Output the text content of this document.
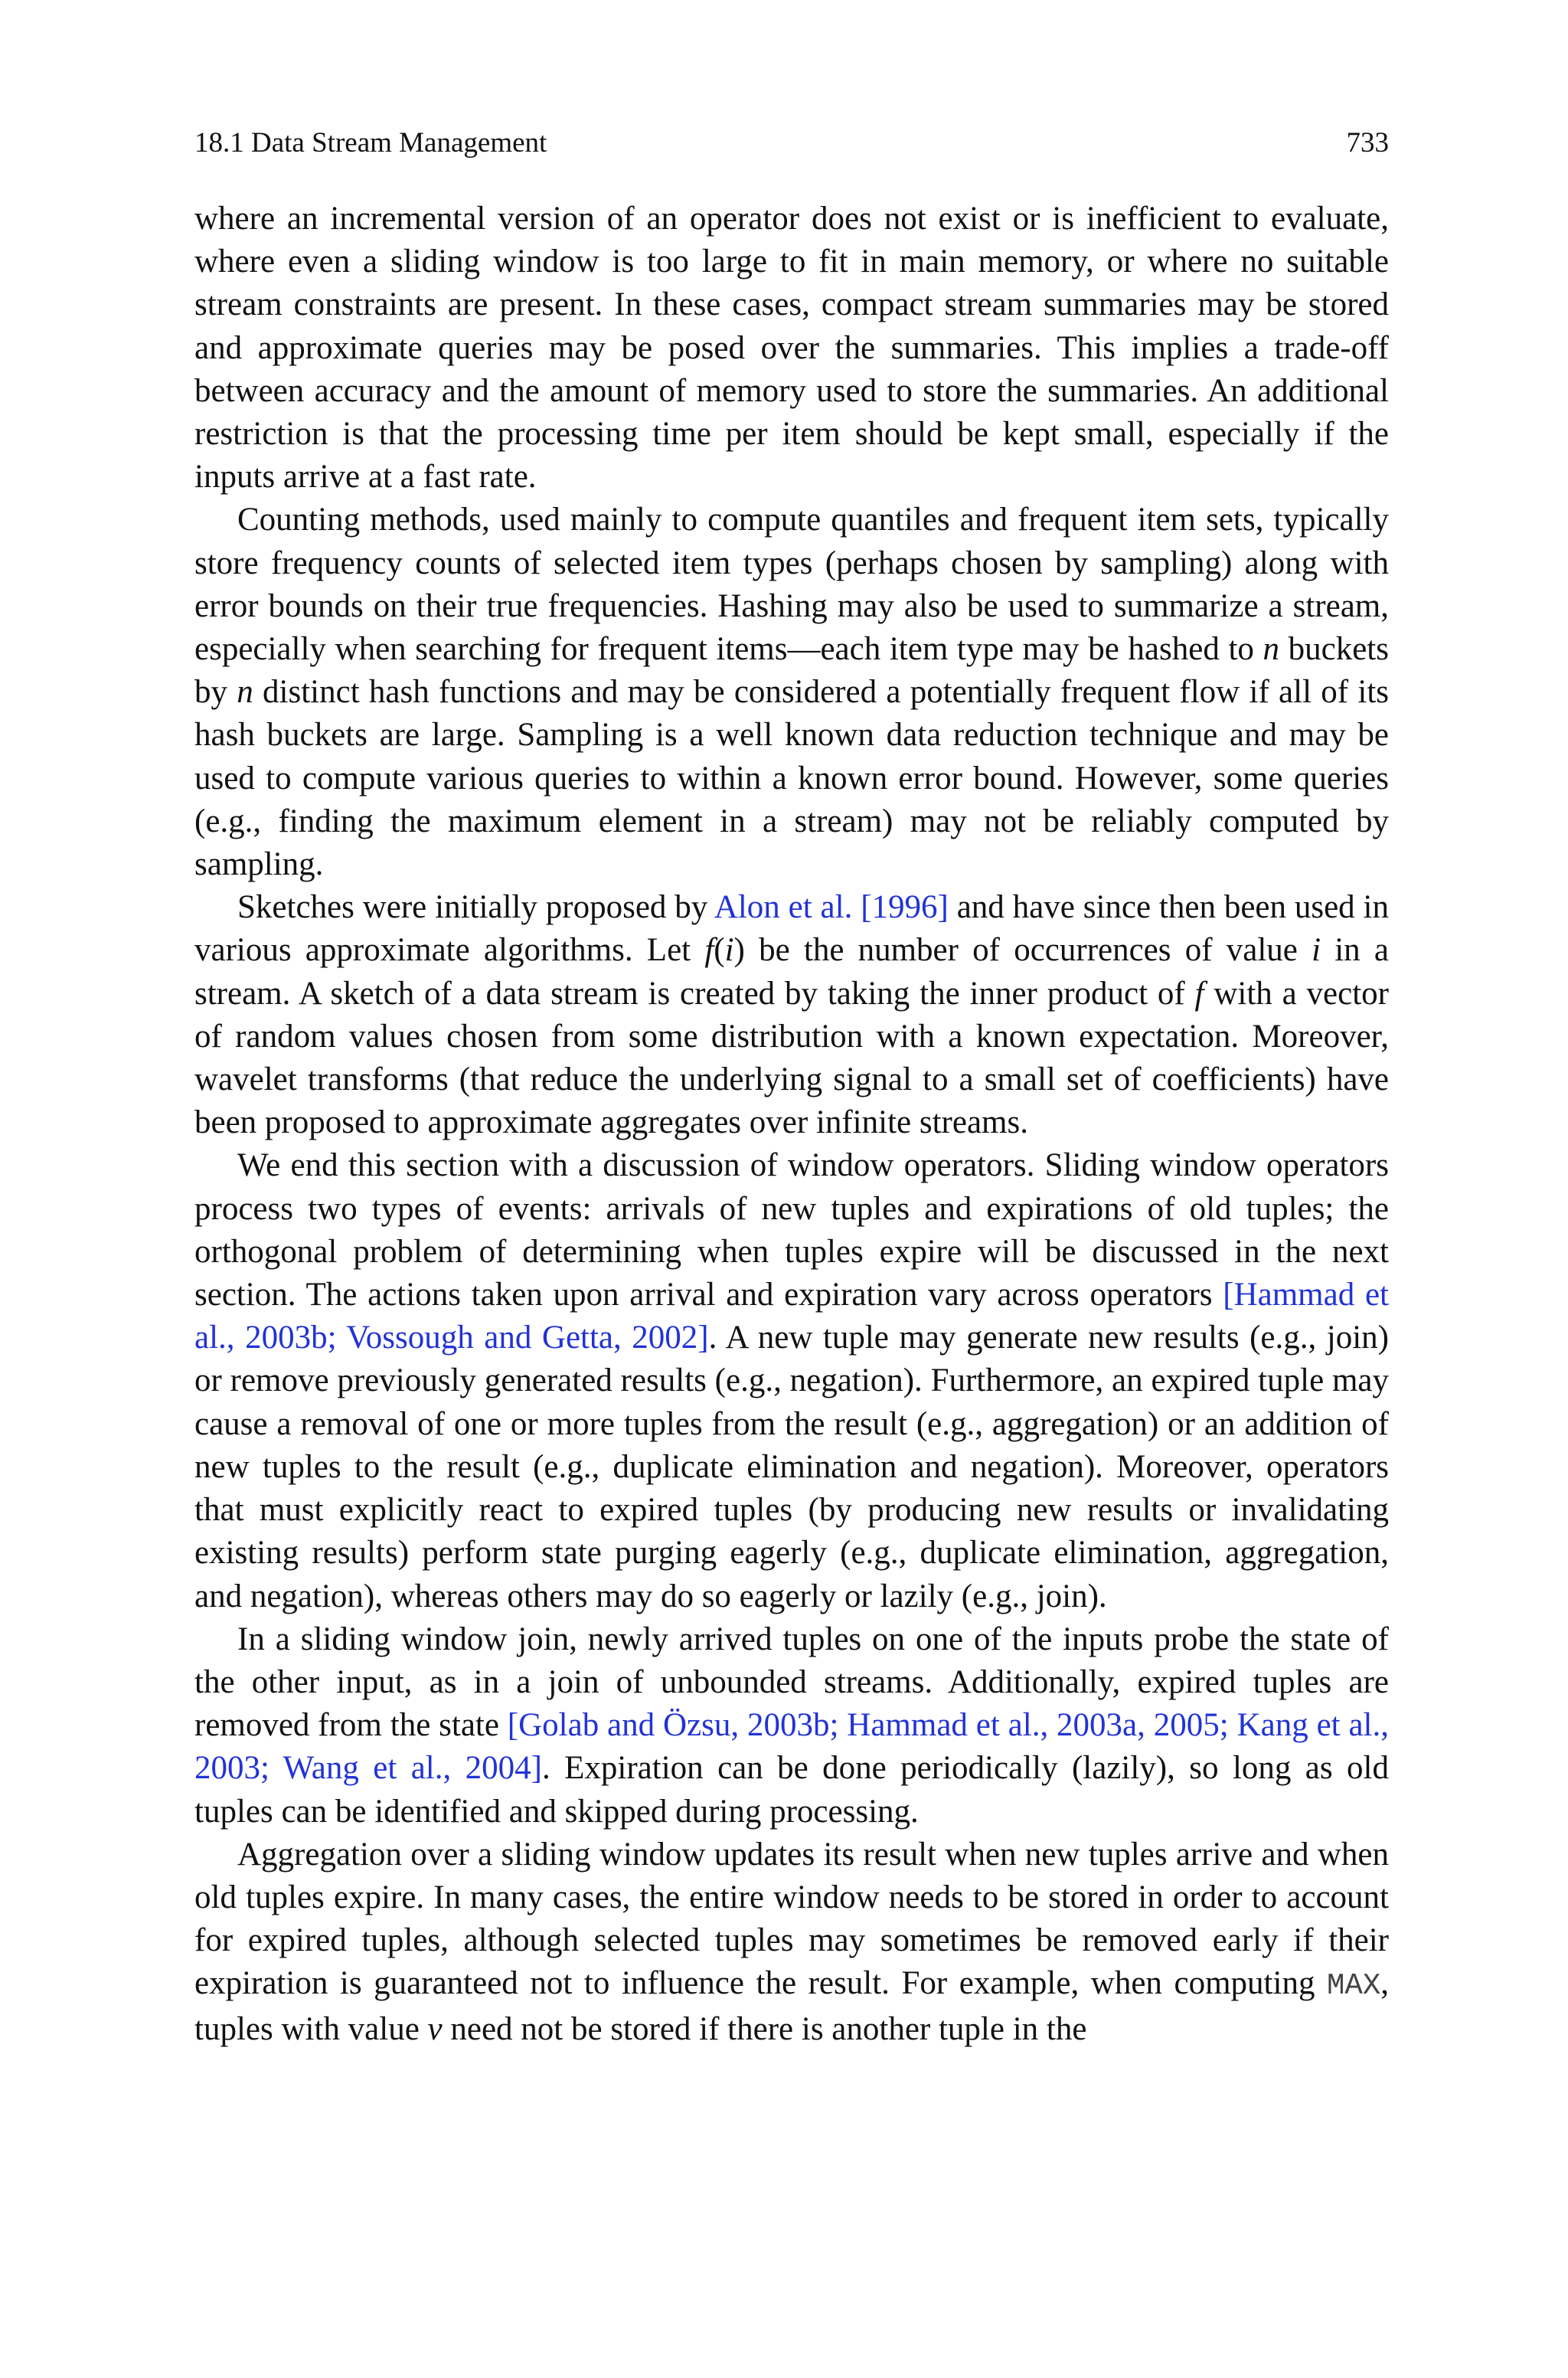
18.1 Data Stream Management	733

where an incremental version of an operator does not exist or is inefficient to evaluate, where even a sliding window is too large to fit in main memory, or where no suitable stream constraints are present. In these cases, compact stream summaries may be stored and approximate queries may be posed over the summaries. This implies a trade-off between accuracy and the amount of memory used to store the summaries. An additional restriction is that the processing time per item should be kept small, especially if the inputs arrive at a fast rate.

Counting methods, used mainly to compute quantiles and frequent item sets, typically store frequency counts of selected item types (perhaps chosen by sampling) along with error bounds on their true frequencies. Hashing may also be used to summarize a stream, especially when searching for frequent items—each item type may be hashed to n buckets by n distinct hash functions and may be considered a potentially frequent flow if all of its hash buckets are large. Sampling is a well known data reduction technique and may be used to compute various queries to within a known error bound. However, some queries (e.g., finding the maximum element in a stream) may not be reliably computed by sampling.

Sketches were initially proposed by Alon et al. [1996] and have since then been used in various approximate algorithms. Let f(i) be the number of occurrences of value i in a stream. A sketch of a data stream is created by taking the inner product of f with a vector of random values chosen from some distribution with a known expectation. Moreover, wavelet transforms (that reduce the underlying signal to a small set of coefficients) have been proposed to approximate aggregates over infinite streams.

We end this section with a discussion of window operators. Sliding window operators process two types of events: arrivals of new tuples and expirations of old tuples; the orthogonal problem of determining when tuples expire will be discussed in the next section. The actions taken upon arrival and expiration vary across operators [Hammad et al., 2003b; Vossough and Getta, 2002]. A new tuple may generate new results (e.g., join) or remove previously generated results (e.g., negation). Furthermore, an expired tuple may cause a removal of one or more tuples from the result (e.g., aggregation) or an addition of new tuples to the result (e.g., duplicate elimination and negation). Moreover, operators that must explicitly react to expired tuples (by producing new results or invalidating existing results) perform state purging eagerly (e.g., duplicate elimination, aggregation, and negation), whereas others may do so eagerly or lazily (e.g., join).

In a sliding window join, newly arrived tuples on one of the inputs probe the state of the other input, as in a join of unbounded streams. Additionally, expired tuples are removed from the state [Golab and Özsu, 2003b; Hammad et al., 2003a, 2005; Kang et al., 2003; Wang et al., 2004]. Expiration can be done periodically (lazily), so long as old tuples can be identified and skipped during processing.

Aggregation over a sliding window updates its result when new tuples arrive and when old tuples expire. In many cases, the entire window needs to be stored in order to account for expired tuples, although selected tuples may sometimes be removed early if their expiration is guaranteed not to influence the result. For example, when computing MAX, tuples with value v need not be stored if there is another tuple in the
